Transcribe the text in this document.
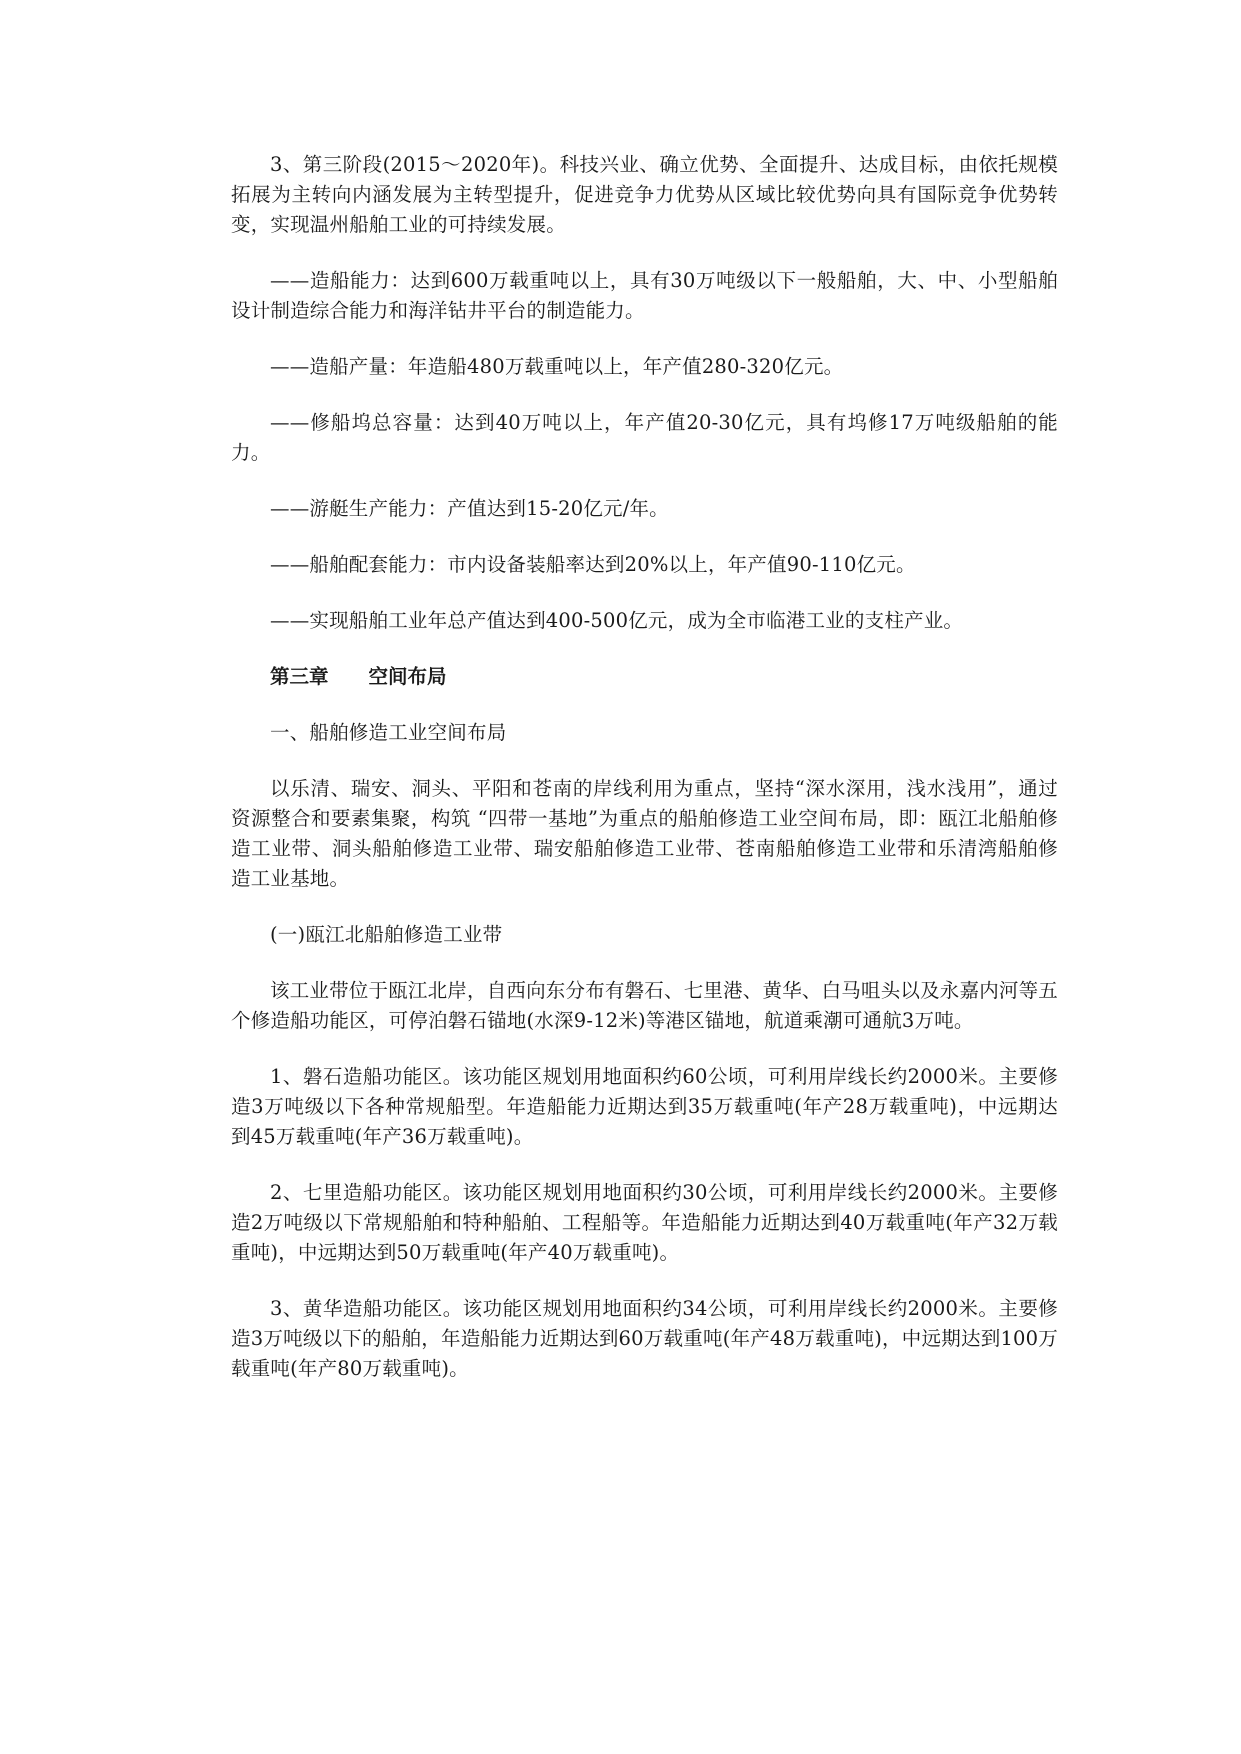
3、第三阶段(2015～2020年)。科技兴业、确立优势、全面提升、达成目标，由依托规模拓展为主转向内涵发展为主转型提升，促进竞争力优势从区域比较优势向具有国际竞争优势转变，实现温州船舶工业的可持续发展。

——造船能力：达到600万载重吨以上，具有30万吨级以下一般船舶，大、中、小型船舶设计制造综合能力和海洋钻井平台的制造能力。

——造船产量：年造船480万载重吨以上，年产值280-320亿元。

——修船坞总容量：达到40万吨以上，年产值20-30亿元，具有坞修17万吨级船舶的能力。

——游艇生产能力：产值达到15-20亿元/年。

——船舶配套能力：市内设备装船率达到20%以上，年产值90-110亿元。

——实现船舶工业年总产值达到400-500亿元，成为全市临港工业的支柱产业。

第三章 空间布局

一、船舶修造工业空间布局

以乐清、瑞安、洞头、平阳和苍南的岸线利用为重点，坚持“深水深用，浅水浅用”，通过资源整合和要素集聚，构筑 “四带一基地”为重点的船舶修造工业空间布局，即：瓯江北船舶修造工业带、洞头船舶修造工业带、瑞安船舶修造工业带、苍南船舶修造工业带和乐清湾船舶修造工业基地。

(一)瓯江北船舶修造工业带

该工业带位于瓯江北岸，自西向东分布有磐石、七里港、黄华、白马咀头以及永嘉内河等五个修造船功能区，可停泊磐石锚地(水深9-12米)等港区锚地，航道乘潮可通航3万吨。

1、磐石造船功能区。该功能区规划用地面积约60公顷，可利用岸线长约2000米。主要修造3万吨级以下各种常规船型。年造船能力近期达到35万载重吨(年产28万载重吨)，中远期达到45万载重吨(年产36万载重吨)。

2、七里造船功能区。该功能区规划用地面积约30公顷，可利用岸线长约2000米。主要修造2万吨级以下常规船舶和特种船舶、工程船等。年造船能力近期达到40万载重吨(年产32万载重吨)，中远期达到50万载重吨(年产40万载重吨)。

3、黄华造船功能区。该功能区规划用地面积约34公顷，可利用岸线长约2000米。主要修造3万吨级以下的船舶，年造船能力近期达到60万载重吨(年产48万载重吨)，中远期达到100万载重吨(年产80万载重吨)。
